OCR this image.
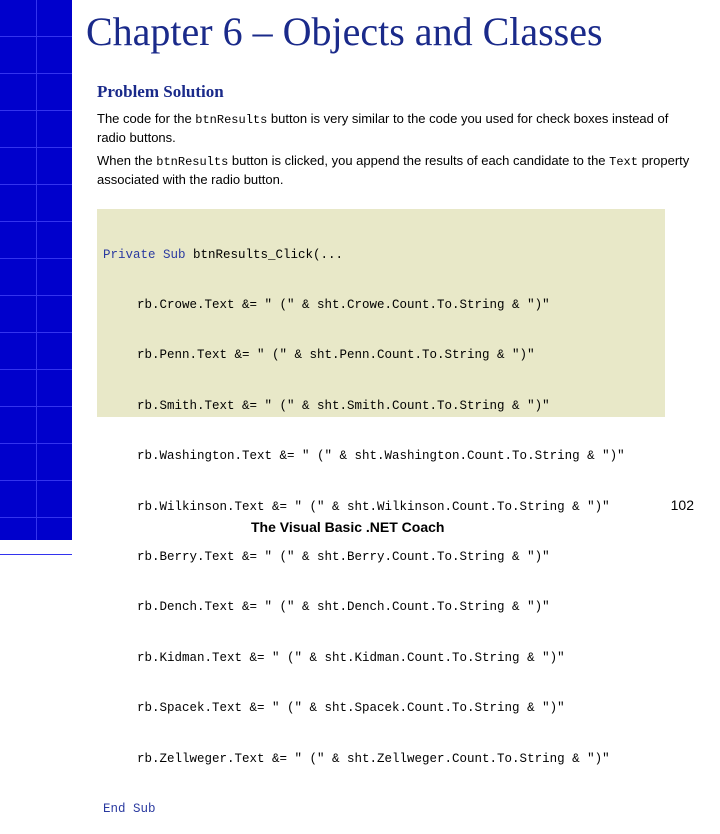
Chapter 6 – Objects and Classes
Problem Solution

The code for the btnResults button is very similar to the code you used for check boxes instead of radio buttons.

When the btnResults button is clicked, you append the results of each candidate to the Text property associated with the radio button.

Private Sub btnResults_Click(...

rb.Crowe.Text &= " (" & sht.Crowe.Count.To.String & ")"

rb.Penn.Text &= " (" & sht.Penn.Count.To.String & ")"

rb.Smith.Text &= " (" & sht.Smith.Count.To.String & ")"

rb.Washington.Text &= " (" & sht.Washington.Count.To.String & ")"

rb.Wilkinson.Text &= " (" & sht.Wilkinson.Count.To.String & ")"

rb.Berry.Text &= " (" & sht.Berry.Count.To.String & ")"

rb.Dench.Text &= " (" & sht.Dench.Count.To.String & ")"

rb.Kidman.Text &= " (" & sht.Kidman.Count.To.String & ")"

rb.Spacek.Text &= " (" & sht.Spacek.Count.To.String & ")"

rb.Zellweger.Text &= " (" & sht.Zellweger.Count.To.String & ")"

End Sub

102
The Visual Basic .NET Coach
